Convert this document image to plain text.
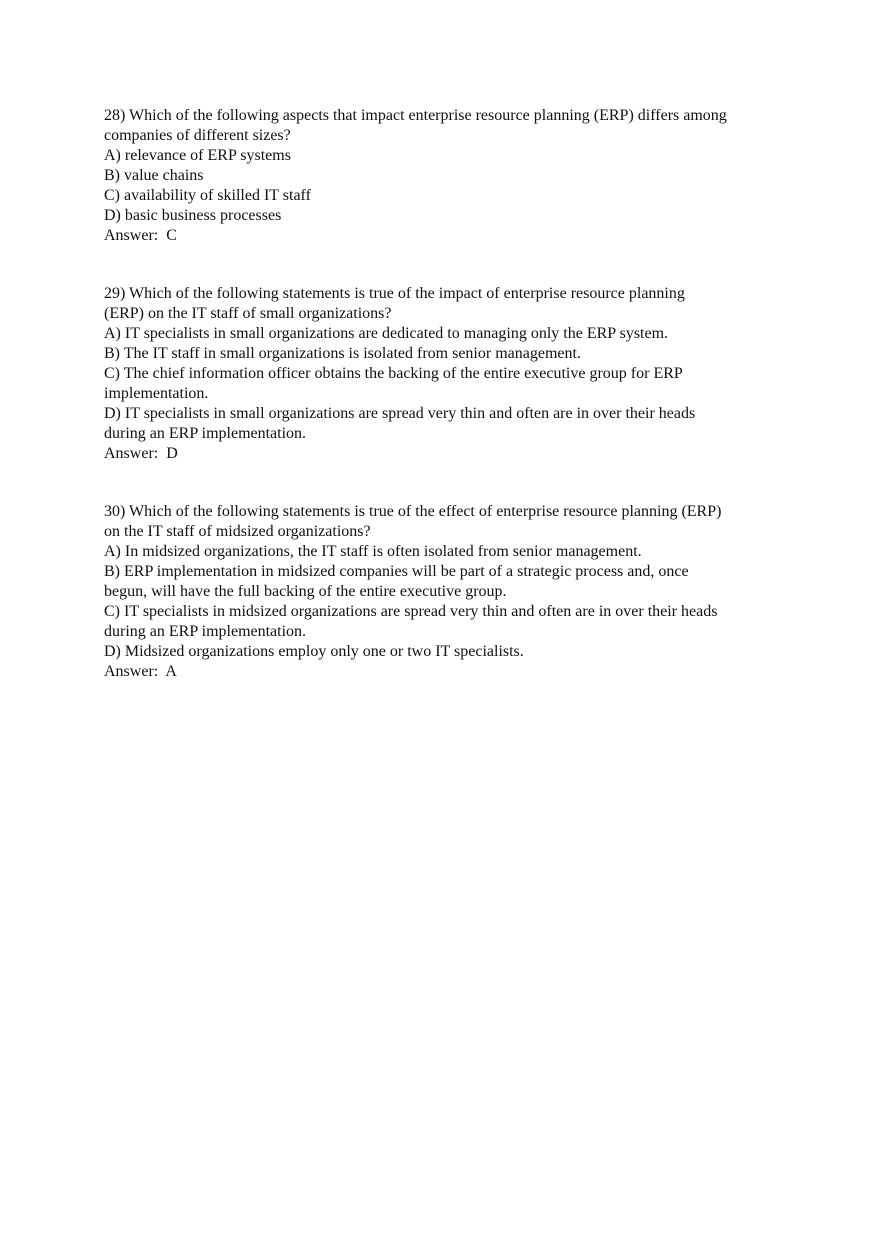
28) Which of the following aspects that impact enterprise resource planning (ERP) differs among
companies of different sizes?
A) relevance of ERP systems
B) value chains
C) availability of skilled IT staff
D) basic business processes
Answer:  C
29) Which of the following statements is true of the impact of enterprise resource planning
(ERP) on the IT staff of small organizations?
A) IT specialists in small organizations are dedicated to managing only the ERP system.
B) The IT staff in small organizations is isolated from senior management.
C) The chief information officer obtains the backing of the entire executive group for ERP
implementation.
D) IT specialists in small organizations are spread very thin and often are in over their heads
during an ERP implementation.
Answer:  D
30) Which of the following statements is true of the effect of enterprise resource planning (ERP)
on the IT staff of midsized organizations?
A) In midsized organizations, the IT staff is often isolated from senior management.
B) ERP implementation in midsized companies will be part of a strategic process and, once
begun, will have the full backing of the entire executive group.
C) IT specialists in midsized organizations are spread very thin and often are in over their heads
during an ERP implementation.
D) Midsized organizations employ only one or two IT specialists.
Answer:  A
